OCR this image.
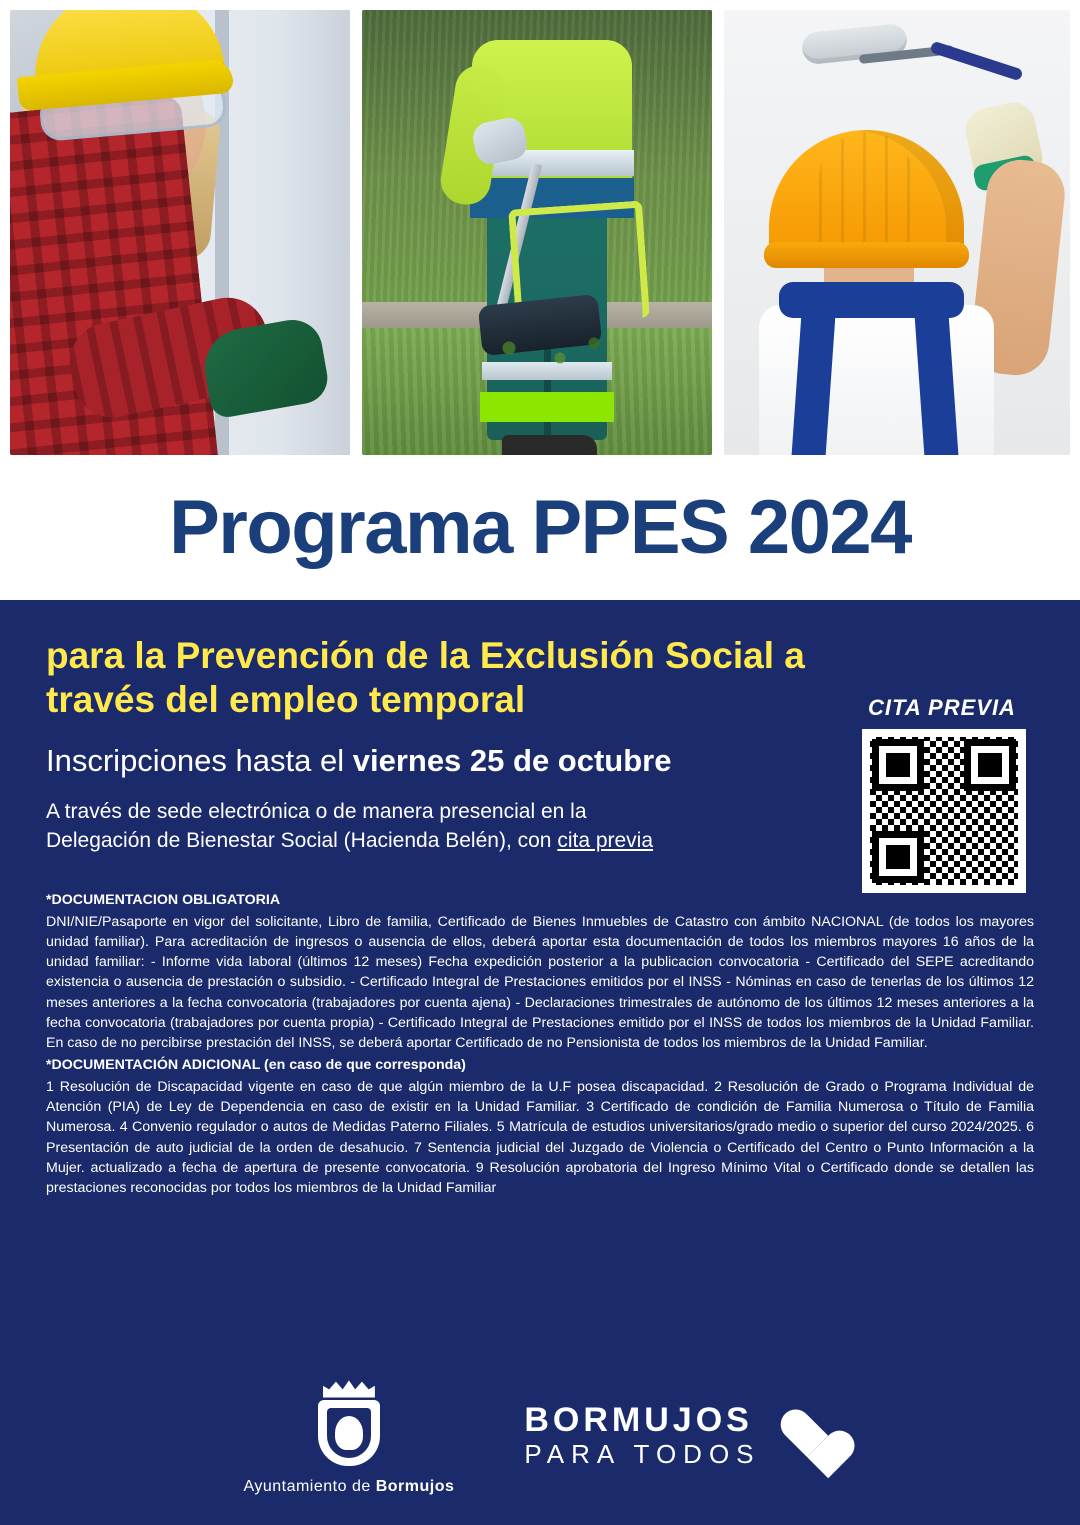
Programa PPES 2024

para la Prevención de la Exclusión Social a través del empleo temporal

Inscripciones hasta el viernes 25 de octubre

A través de sede electrónica o de manera presencial en la
Delegación de Bienestar Social (Hacienda Belén), con cita previa

CITA PREVIA

*DOCUMENTACION OBLIGATORIA

DNI/NIE/Pasaporte en vigor del solicitante, Libro de familia, Certificado de Bienes Inmuebles de Catastro con ámbito NACIONAL (de todos los mayores unidad familiar). Para acreditación de ingresos o ausencia de ellos, deberá aportar esta documentación de todos los miembros mayores 16 años de la unidad familiar: - Informe vida laboral (últimos 12 meses) Fecha expedición posterior a la publicacion convocatoria - Certificado del SEPE acreditando existencia o ausencia de prestación o subsidio. - Certificado Integral de Prestaciones emitidos por el INSS - Nóminas en caso de tenerlas de los últimos 12 meses anteriores a la fecha convocatoria (trabajadores por cuenta ajena) - Declaraciones trimestrales de autónomo de los últimos 12 meses anteriores a la fecha convocatoria (trabajadores por cuenta propia) - Certificado Integral de Prestaciones emitido por el INSS de todos los miembros de la Unidad Familiar. En caso de no percibirse prestación del INSS, se deberá aportar Certificado de no Pensionista de todos los miembros de la Unidad Familiar.

*DOCUMENTACIÓN ADICIONAL (en caso de que corresponda)

1 Resolución de Discapacidad vigente en caso de que algún miembro de la U.F posea discapacidad. 2 Resolución de Grado o Programa Individual de Atención (PIA) de Ley de Dependencia en caso de existir en la Unidad Familiar. 3 Certificado de condición de Familia Numerosa o Título de Familia Numerosa. 4 Convenio regulador o autos de Medidas Paterno Filiales. 5 Matrícula de estudios universitarios/grado medio o superior del curso 2024/2025. 6 Presentación de auto judicial de la orden de desahucio. 7 Sentencia judicial del Juzgado de Violencia o Certificado del Centro o Punto Información a la Mujer. actualizado a fecha de apertura de presente convocatoria. 9 Resolución aprobatoria del Ingreso Mínimo Vital o Certificado donde se detallen las prestaciones reconocidas por todos los miembros de la Unidad Familiar

Ayuntamiento de Bormujos
BORMUJOS
PARA TODOS
